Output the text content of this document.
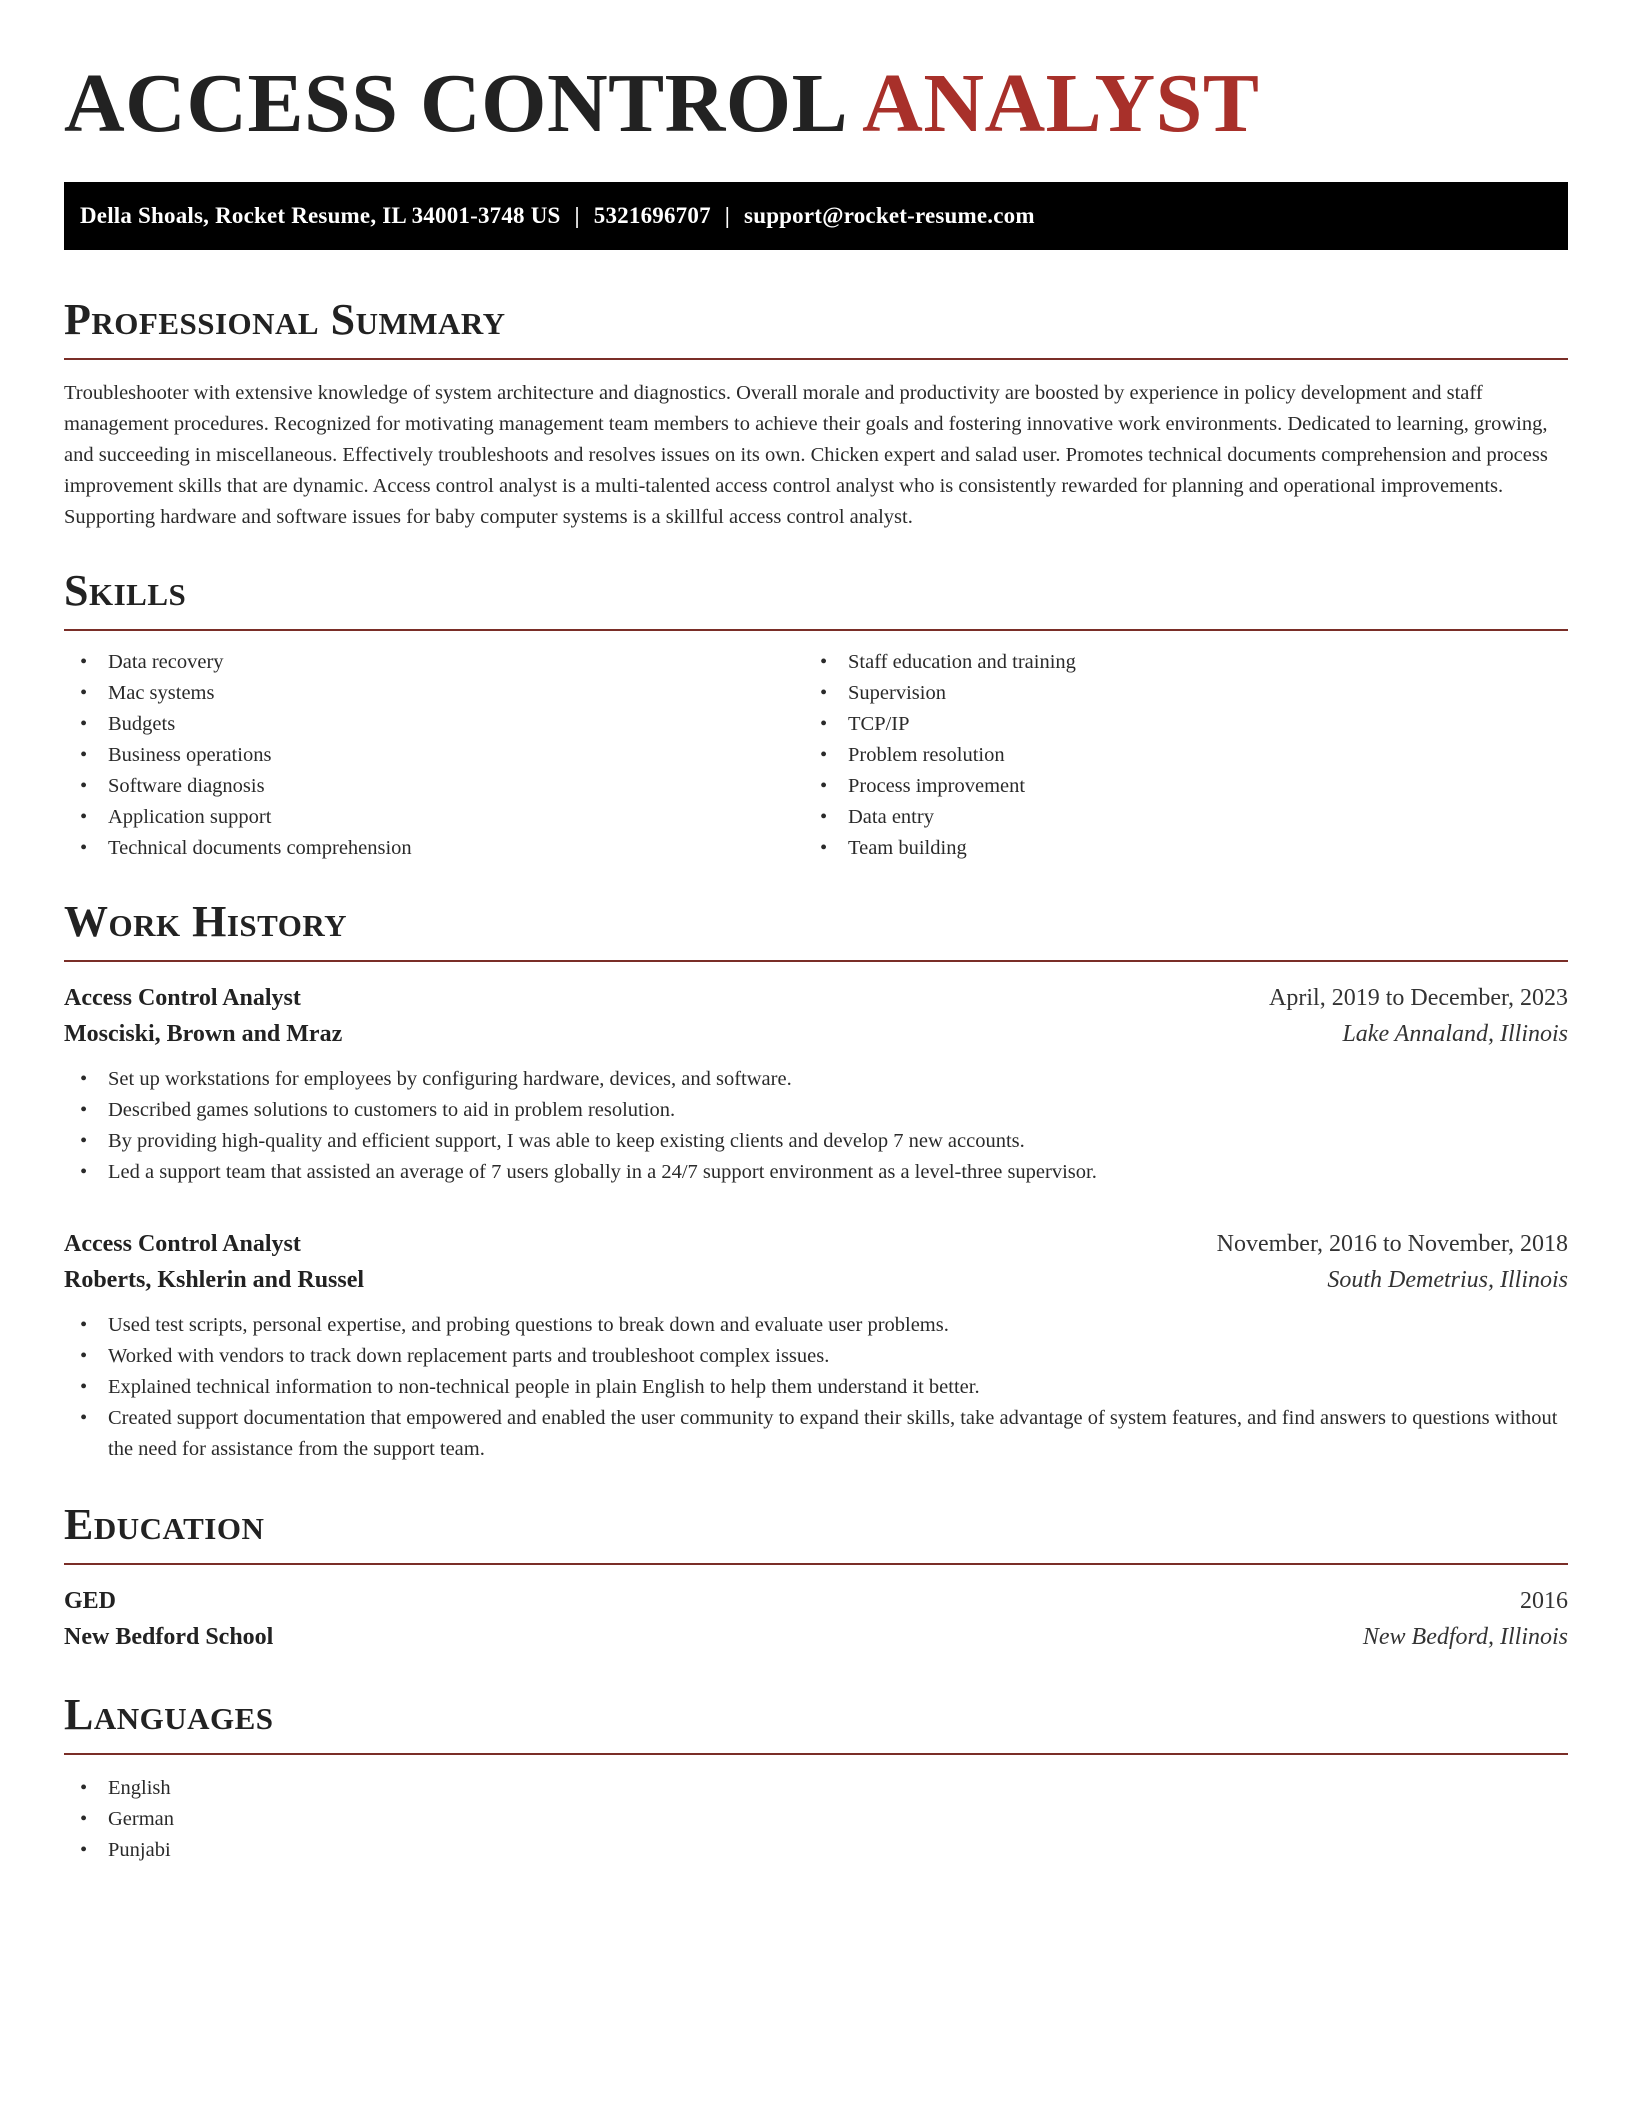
ACCESS CONTROL ANALYST
Della Shoals, Rocket Resume, IL 34001-3748 US | 5321696707 | support@rocket-resume.com
Professional Summary

Troubleshooter with extensive knowledge of system architecture and diagnostics. Overall morale and productivity are boosted by experience in policy development and staff management procedures. Recognized for motivating management team members to achieve their goals and fostering innovative work environments. Dedicated to learning, growing, and succeeding in miscellaneous. Effectively troubleshoots and resolves issues on its own. Chicken expert and salad user. Promotes technical documents comprehension and process improvement skills that are dynamic. Access control analyst is a multi-talented access control analyst who is consistently rewarded for planning and operational improvements. Supporting hardware and software issues for baby computer systems is a skillful access control analyst.

Skills
• Data recovery
• Mac systems
• Budgets
• Business operations
• Software diagnosis
• Application support
• Technical documents comprehension
• Staff education and training
• Supervision
• TCP/IP
• Problem resolution
• Process improvement
• Data entry
• Team building
Work History
Access Control Analyst	April, 2019 to December, 2023
Mosciski, Brown and Mraz	Lake Annaland, Illinois
• Set up workstations for employees by configuring hardware, devices, and software.
• Described games solutions to customers to aid in problem resolution.
• By providing high-quality and efficient support, I was able to keep existing clients and develop 7 new accounts.
• Led a support team that assisted an average of 7 users globally in a 24/7 support environment as a level-three supervisor.
Access Control Analyst	November, 2016 to November, 2018
Roberts, Kshlerin and Russel	South Demetrius, Illinois
• Used test scripts, personal expertise, and probing questions to break down and evaluate user problems.
• Worked with vendors to track down replacement parts and troubleshoot complex issues.
• Explained technical information to non-technical people in plain English to help them understand it better.
• Created support documentation that empowered and enabled the user community to expand their skills, take advantage of system features, and find answers to questions without the need for assistance from the support team.
Education
GED	2016
New Bedford School	New Bedford, Illinois
Languages
• English
• German
• Punjabi
